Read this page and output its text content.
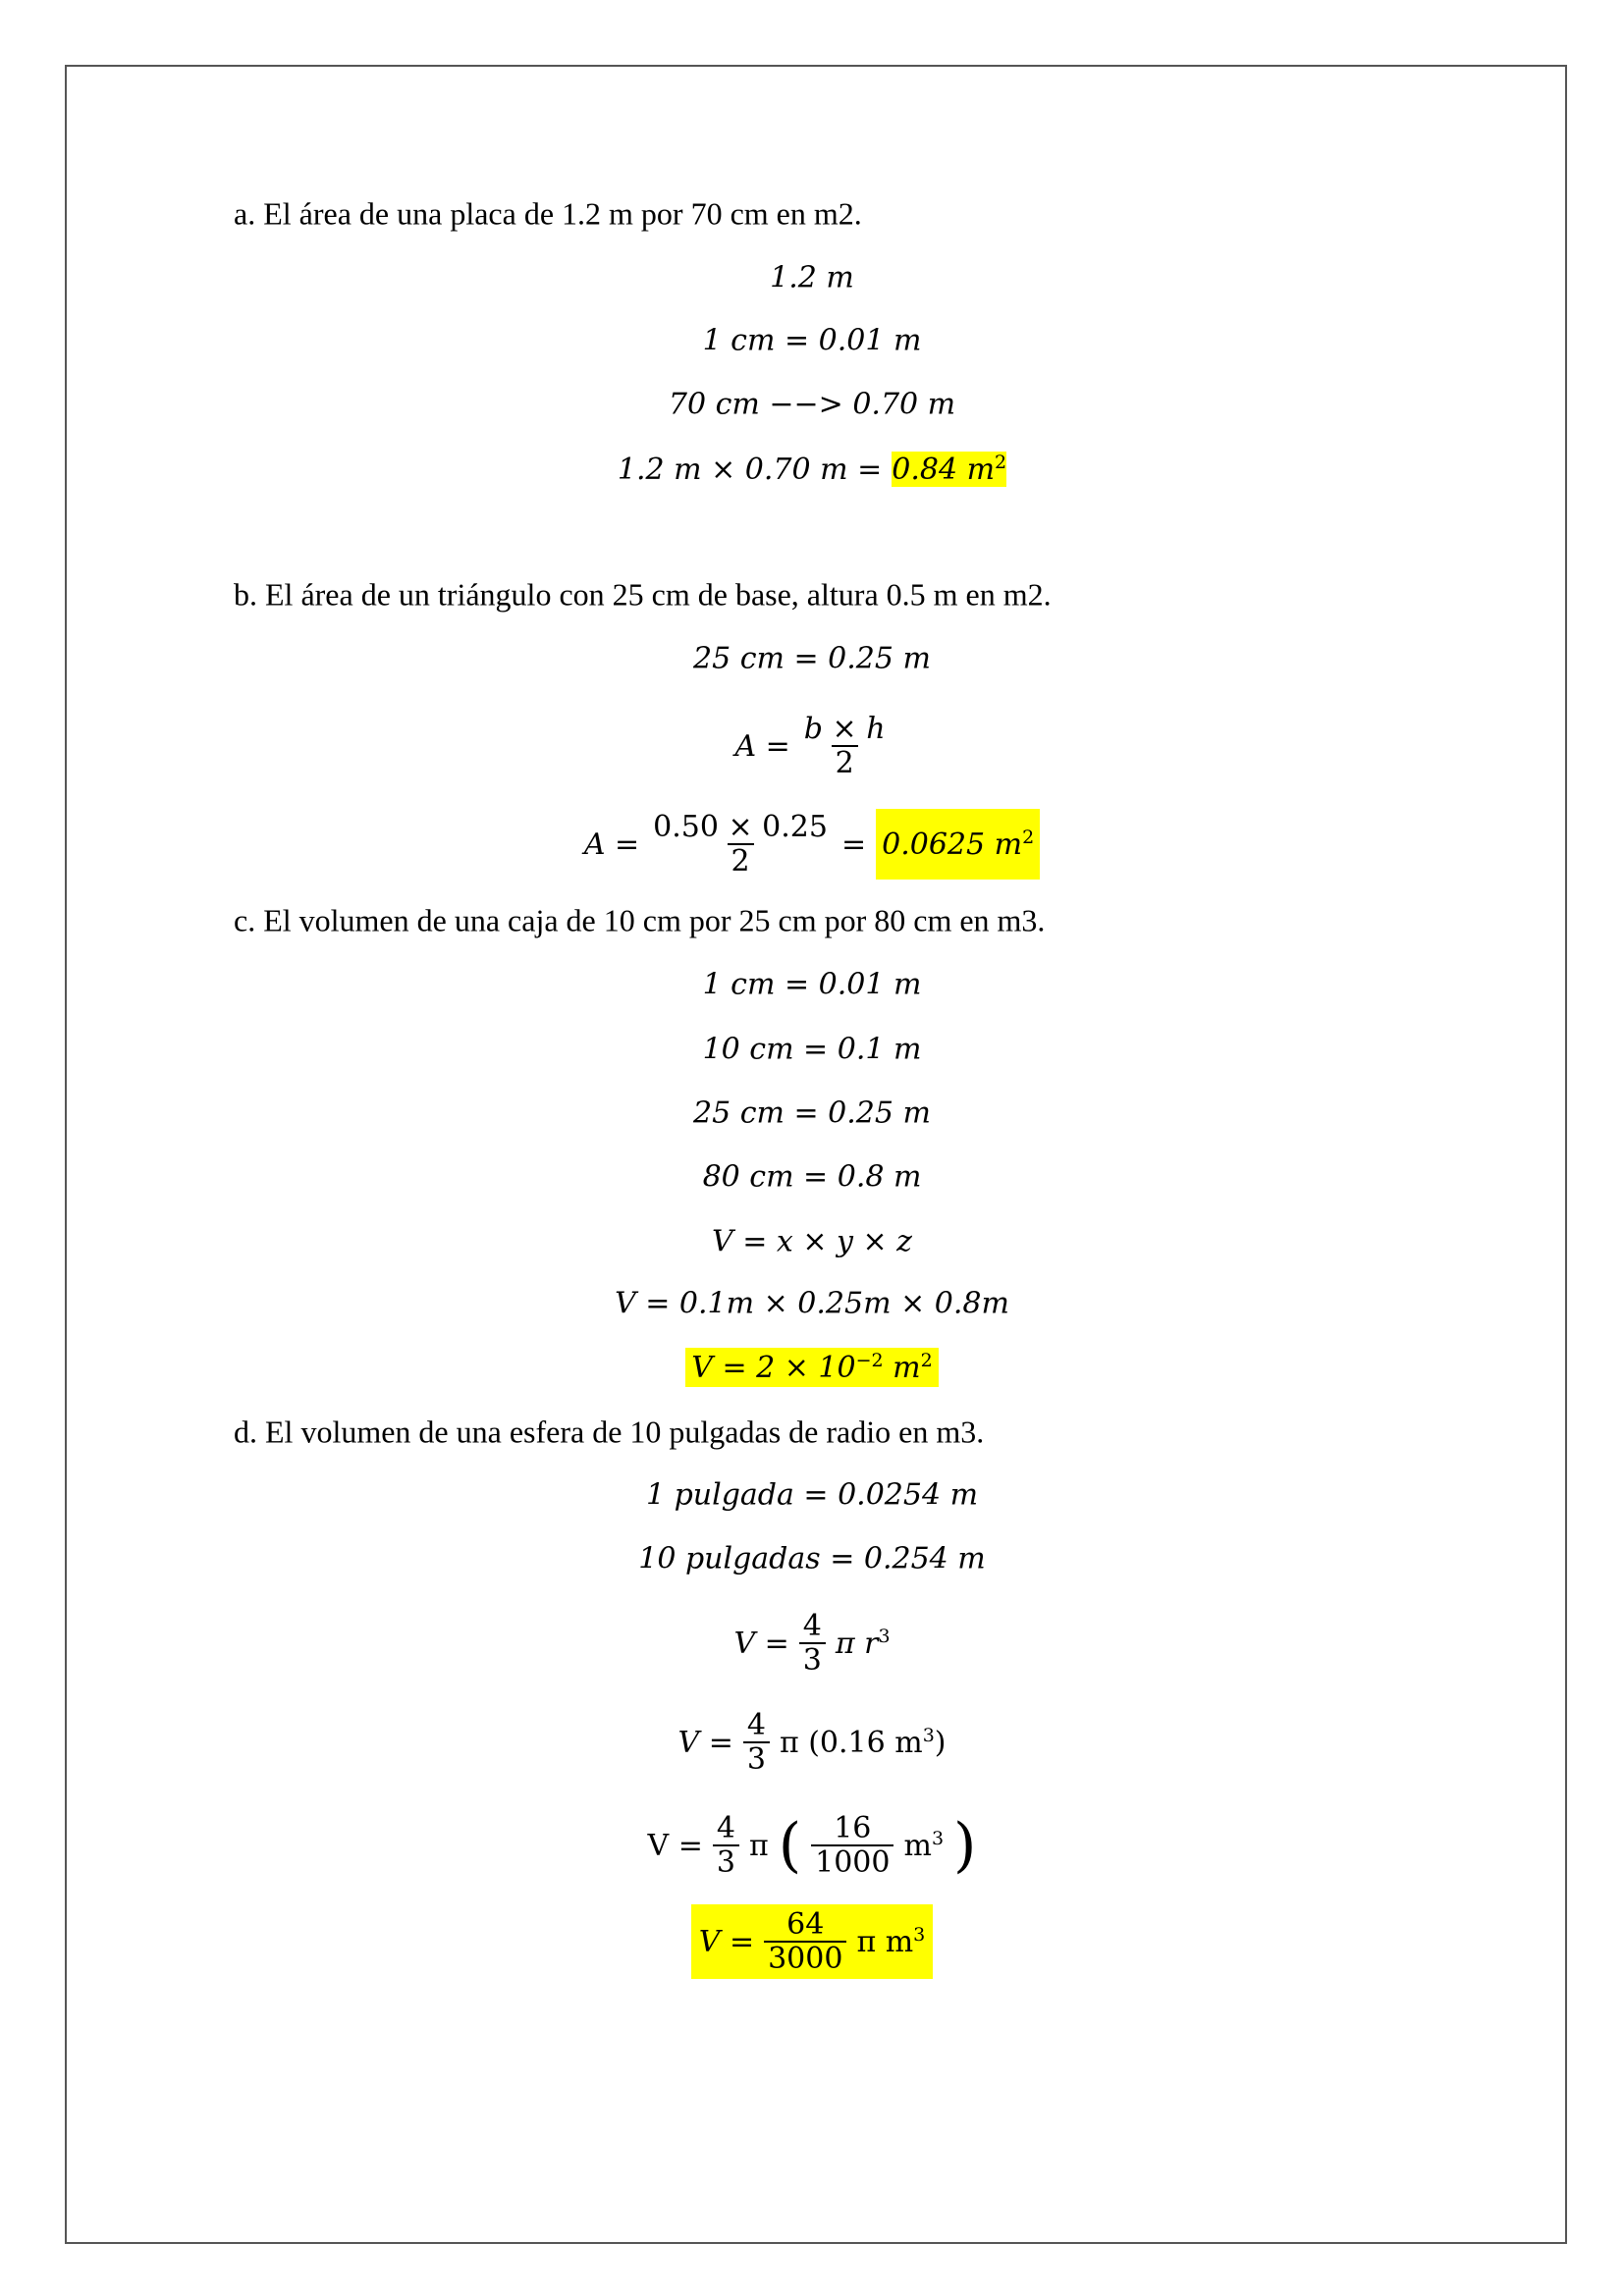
a. El área de una placa de 1.2 m por 70 cm en m2.
1.2 m
1 cm = 0.01 m
70 cm −−> 0.70 m
1.2 m × 0.70 m = 0.84 $m^2$
b. El área de un triángulo con 25 cm de base, altura 0.5 m en m2.
25 cm = 0.25 m
$A = \frac{b \times h}{2}$
$A = \frac{0.50 \times 0.25}{2} = 0.0625$ $m^2$
c. El volumen de una caja de 10 cm por 25 cm por 80 cm en m3.
1 cm = 0.01 m
10 cm = 0.1 m
25 cm = 0.25 m
80 cm = 0.8 m
V = x × y × z
V = 0.1m × 0.25m × 0.8m
$V = 2 \times 10^{-2}$ $m^2$
d. El volumen de una esfera de 10 pulgadas de radio en m3.
1 pulgada = 0.0254 m
10 pulgadas = 0.254 m
$V = \frac{4}{3}$ π $r^3$
$V = \frac{4}{3}$ π (0.16 $m^3$)
$V = \frac{4}{3}$ π ( $\frac{16}{1000} m^3$ )
$V = \frac{64}{3000}$ π $m^3$
